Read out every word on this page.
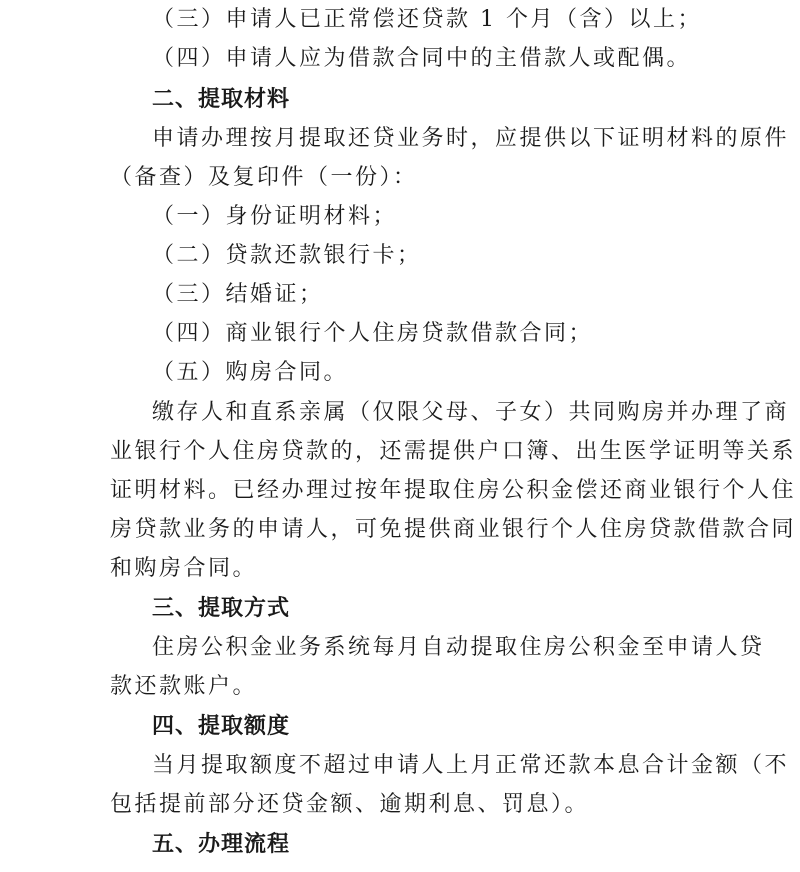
（三）申请人已正常偿还贷款 1 个月（含）以上；
（四）申请人应为借款合同中的主借款人或配偶。
二、提取材料
申请办理按月提取还贷业务时，应提供以下证明材料的原件
（备查）及复印件（一份）：
（一）身份证明材料；
（二）贷款还款银行卡；
（三）结婚证；
（四）商业银行个人住房贷款借款合同；
（五）购房合同。
缴存人和直系亲属（仅限父母、子女）共同购房并办理了商
业银行个人住房贷款的，还需提供户口簿、出生医学证明等关系
证明材料。已经办理过按年提取住房公积金偿还商业银行个人住
房贷款业务的申请人，可免提供商业银行个人住房贷款借款合同
和购房合同。
三、提取方式
住房公积金业务系统每月自动提取住房公积金至申请人贷
款还款账户。
四、提取额度
当月提取额度不超过申请人上月正常还款本息合计金额（不
包括提前部分还贷金额、逾期利息、罚息）。
五、办理流程
